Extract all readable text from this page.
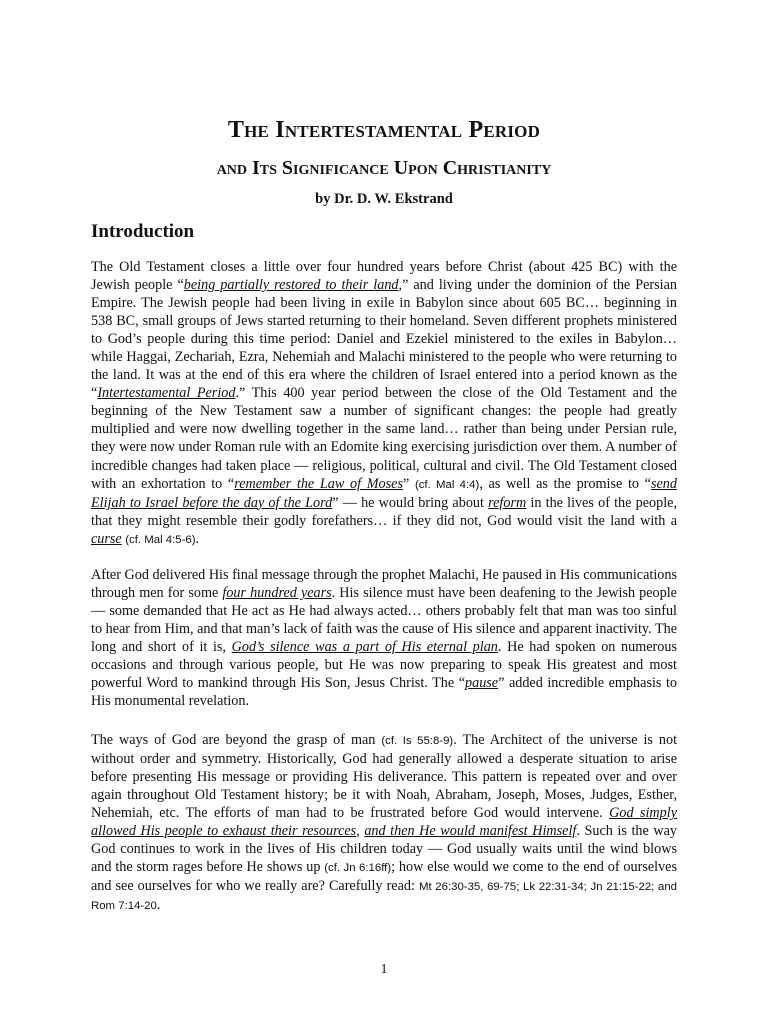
The Intertestamental Period
and Its Significance Upon Christianity

by Dr. D. W. Ekstrand

Introduction

The Old Testament closes a little over four hundred years before Christ (about 425 BC) with the Jewish people “being partially restored to their land,” and living under the dominion of the Persian Empire. The Jewish people had been living in exile in Babylon since about 605 BC… beginning in 538 BC, small groups of Jews started returning to their homeland. Seven different prophets ministered to God’s people during this time period: Daniel and Ezekiel ministered to the exiles in Babylon… while Haggai, Zechariah, Ezra, Nehemiah and Malachi ministered to the people who were returning to the land. It was at the end of this era where the children of Israel entered into a period known as the “Intertestamental Period.” This 400 year period between the close of the Old Testament and the beginning of the New Testament saw a number of significant changes: the people had greatly multiplied and were now dwelling together in the same land… rather than being under Persian rule, they were now under Roman rule with an Edomite king exercising jurisdiction over them. A number of incredible changes had taken place — religious, political, cultural and civil. The Old Testament closed with an exhortation to “remember the Law of Moses” (cf. Mal 4:4), as well as the promise to “send Elijah to Israel before the day of the Lord” — he would bring about reform in the lives of the people, that they might resemble their godly forefathers… if they did not, God would visit the land with a curse (cf. Mal 4:5-6).

After God delivered His final message through the prophet Malachi, He paused in His communications through men for some four hundred years. His silence must have been deafening to the Jewish people — some demanded that He act as He had always acted… others probably felt that man was too sinful to hear from Him, and that man’s lack of faith was the cause of His silence and apparent inactivity. The long and short of it is, God’s silence was a part of His eternal plan. He had spoken on numerous occasions and through various people, but He was now preparing to speak His greatest and most powerful Word to mankind through His Son, Jesus Christ. The “pause” added incredible emphasis to His monumental revelation.

The ways of God are beyond the grasp of man (cf. Is 55:8-9). The Architect of the universe is not without order and symmetry. Historically, God had generally allowed a desperate situation to arise before presenting His message or providing His deliverance. This pattern is repeated over and over again throughout Old Testament history; be it with Noah, Abraham, Joseph, Moses, Judges, Esther, Nehemiah, etc. The efforts of man had to be frustrated before God would intervene. God simply allowed His people to exhaust their resources, and then He would manifest Himself. Such is the way God continues to work in the lives of His children today — God usually waits until the wind blows and the storm rages before He shows up (cf. Jn 6:16ff); how else would we come to the end of ourselves and see ourselves for who we really are? Carefully read: Mt 26:30-35, 69-75; Lk 22:31-34; Jn 21:15-22; and Rom 7:14-20.

1
